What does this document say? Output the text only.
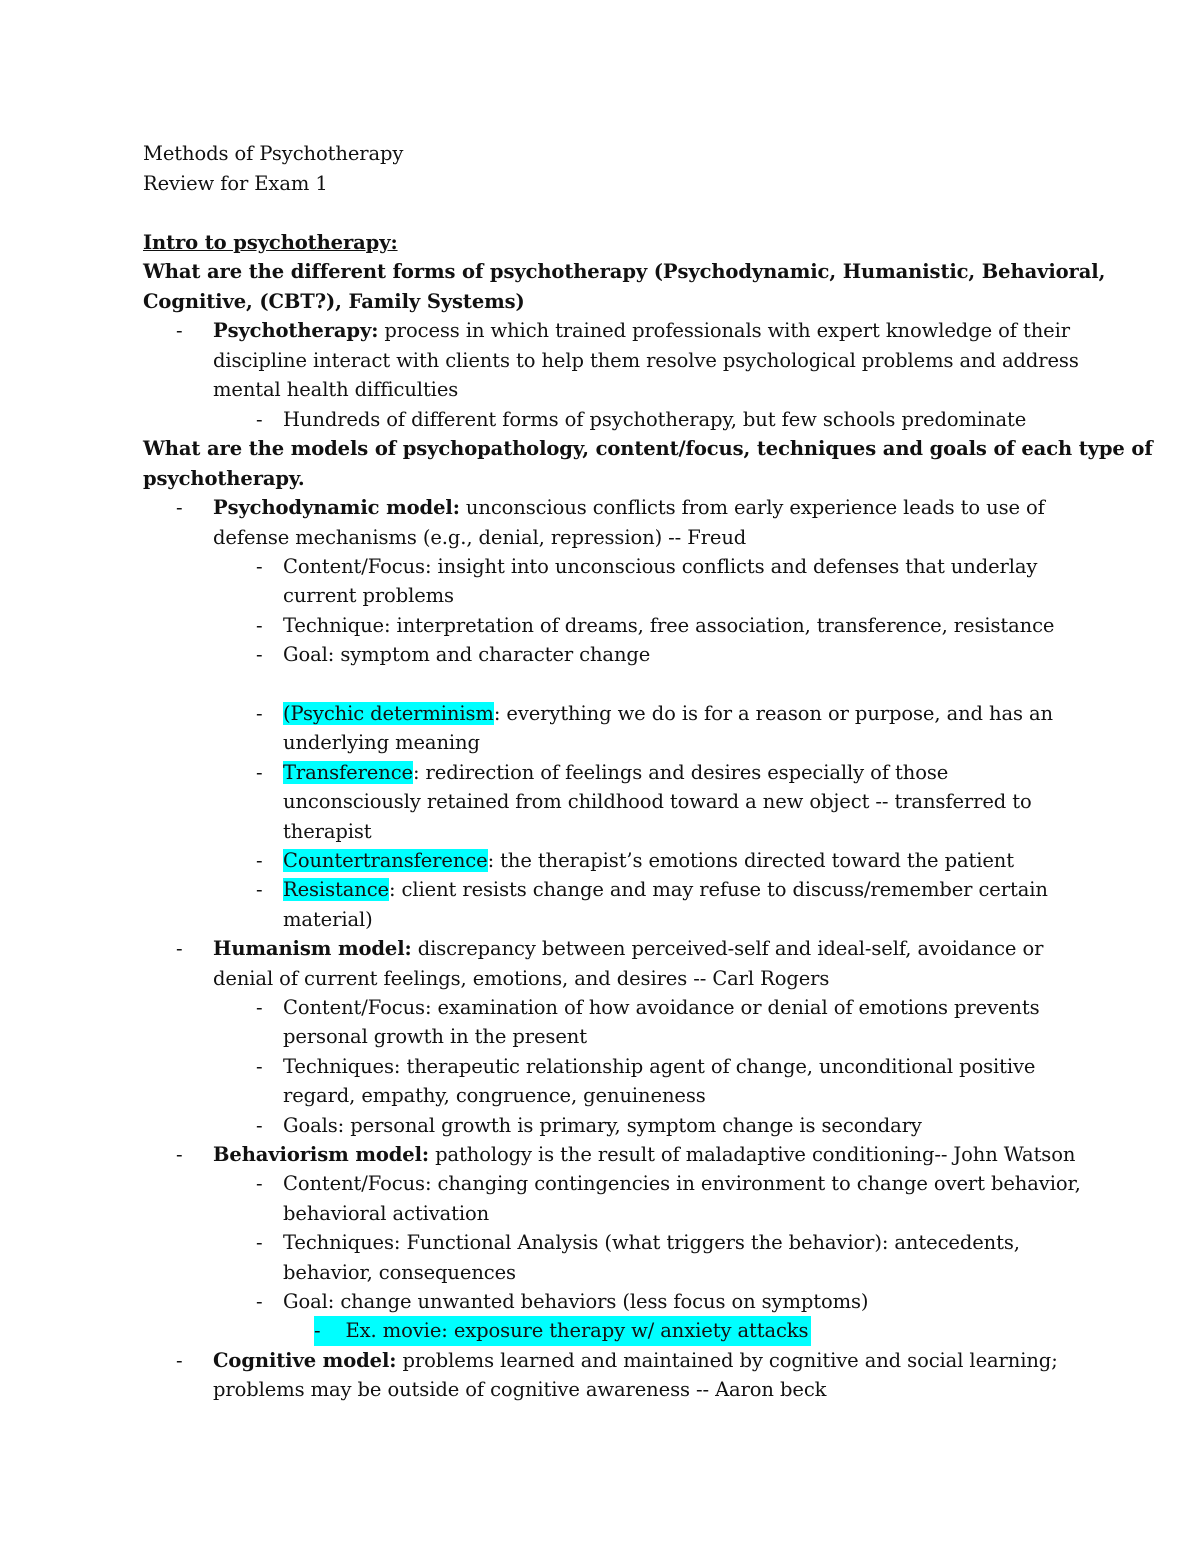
Methods of Psychotherapy
Review for Exam 1
Intro to psychotherapy:
What are the different forms of psychotherapy (Psychodynamic, Humanistic, Behavioral,
Cognitive, (CBT?), Family Systems)
- Psychotherapy: process in which trained professionals with expert knowledge of their
discipline interact with clients to help them resolve psychological problems and address
mental health difficulties
- Hundreds of different forms of psychotherapy, but few schools predominate
What are the models of psychopathology, content/focus, techniques and goals of each type of
psychotherapy.
- Psychodynamic model: unconscious conflicts from early experience leads to use of
defense mechanisms (e.g., denial, repression) -- Freud
- Content/Focus: insight into unconscious conflicts and defenses that underlay
current problems
- Technique: interpretation of dreams, free association, transference, resistance
- Goal: symptom and character change
- (Psychic determinism: everything we do is for a reason or purpose, and has an
underlying meaning
- Transference: redirection of feelings and desires especially of those
unconsciously retained from childhood toward a new object -- transferred to
therapist
- Countertransference: the therapist’s emotions directed toward the patient
- Resistance: client resists change and may refuse to discuss/remember certain
material)
- Humanism model: discrepancy between perceived-self and ideal-self, avoidance or
denial of current feelings, emotions, and desires -- Carl Rogers
- Content/Focus: examination of how avoidance or denial of emotions prevents
personal growth in the present
- Techniques: therapeutic relationship agent of change, unconditional positive
regard, empathy, congruence, genuineness
- Goals: personal growth is primary, symptom change is secondary
- Behaviorism model: pathology is the result of maladaptive conditioning-- John Watson
- Content/Focus: changing contingencies in environment to change overt behavior,
behavioral activation
- Techniques: Functional Analysis (what triggers the behavior): antecedents,
behavior, consequences
- Goal: change unwanted behaviors (less focus on symptoms)
- Ex. movie: exposure therapy w/ anxiety attacks
- Cognitive model: problems learned and maintained by cognitive and social learning;
problems may be outside of cognitive awareness -- Aaron beck
